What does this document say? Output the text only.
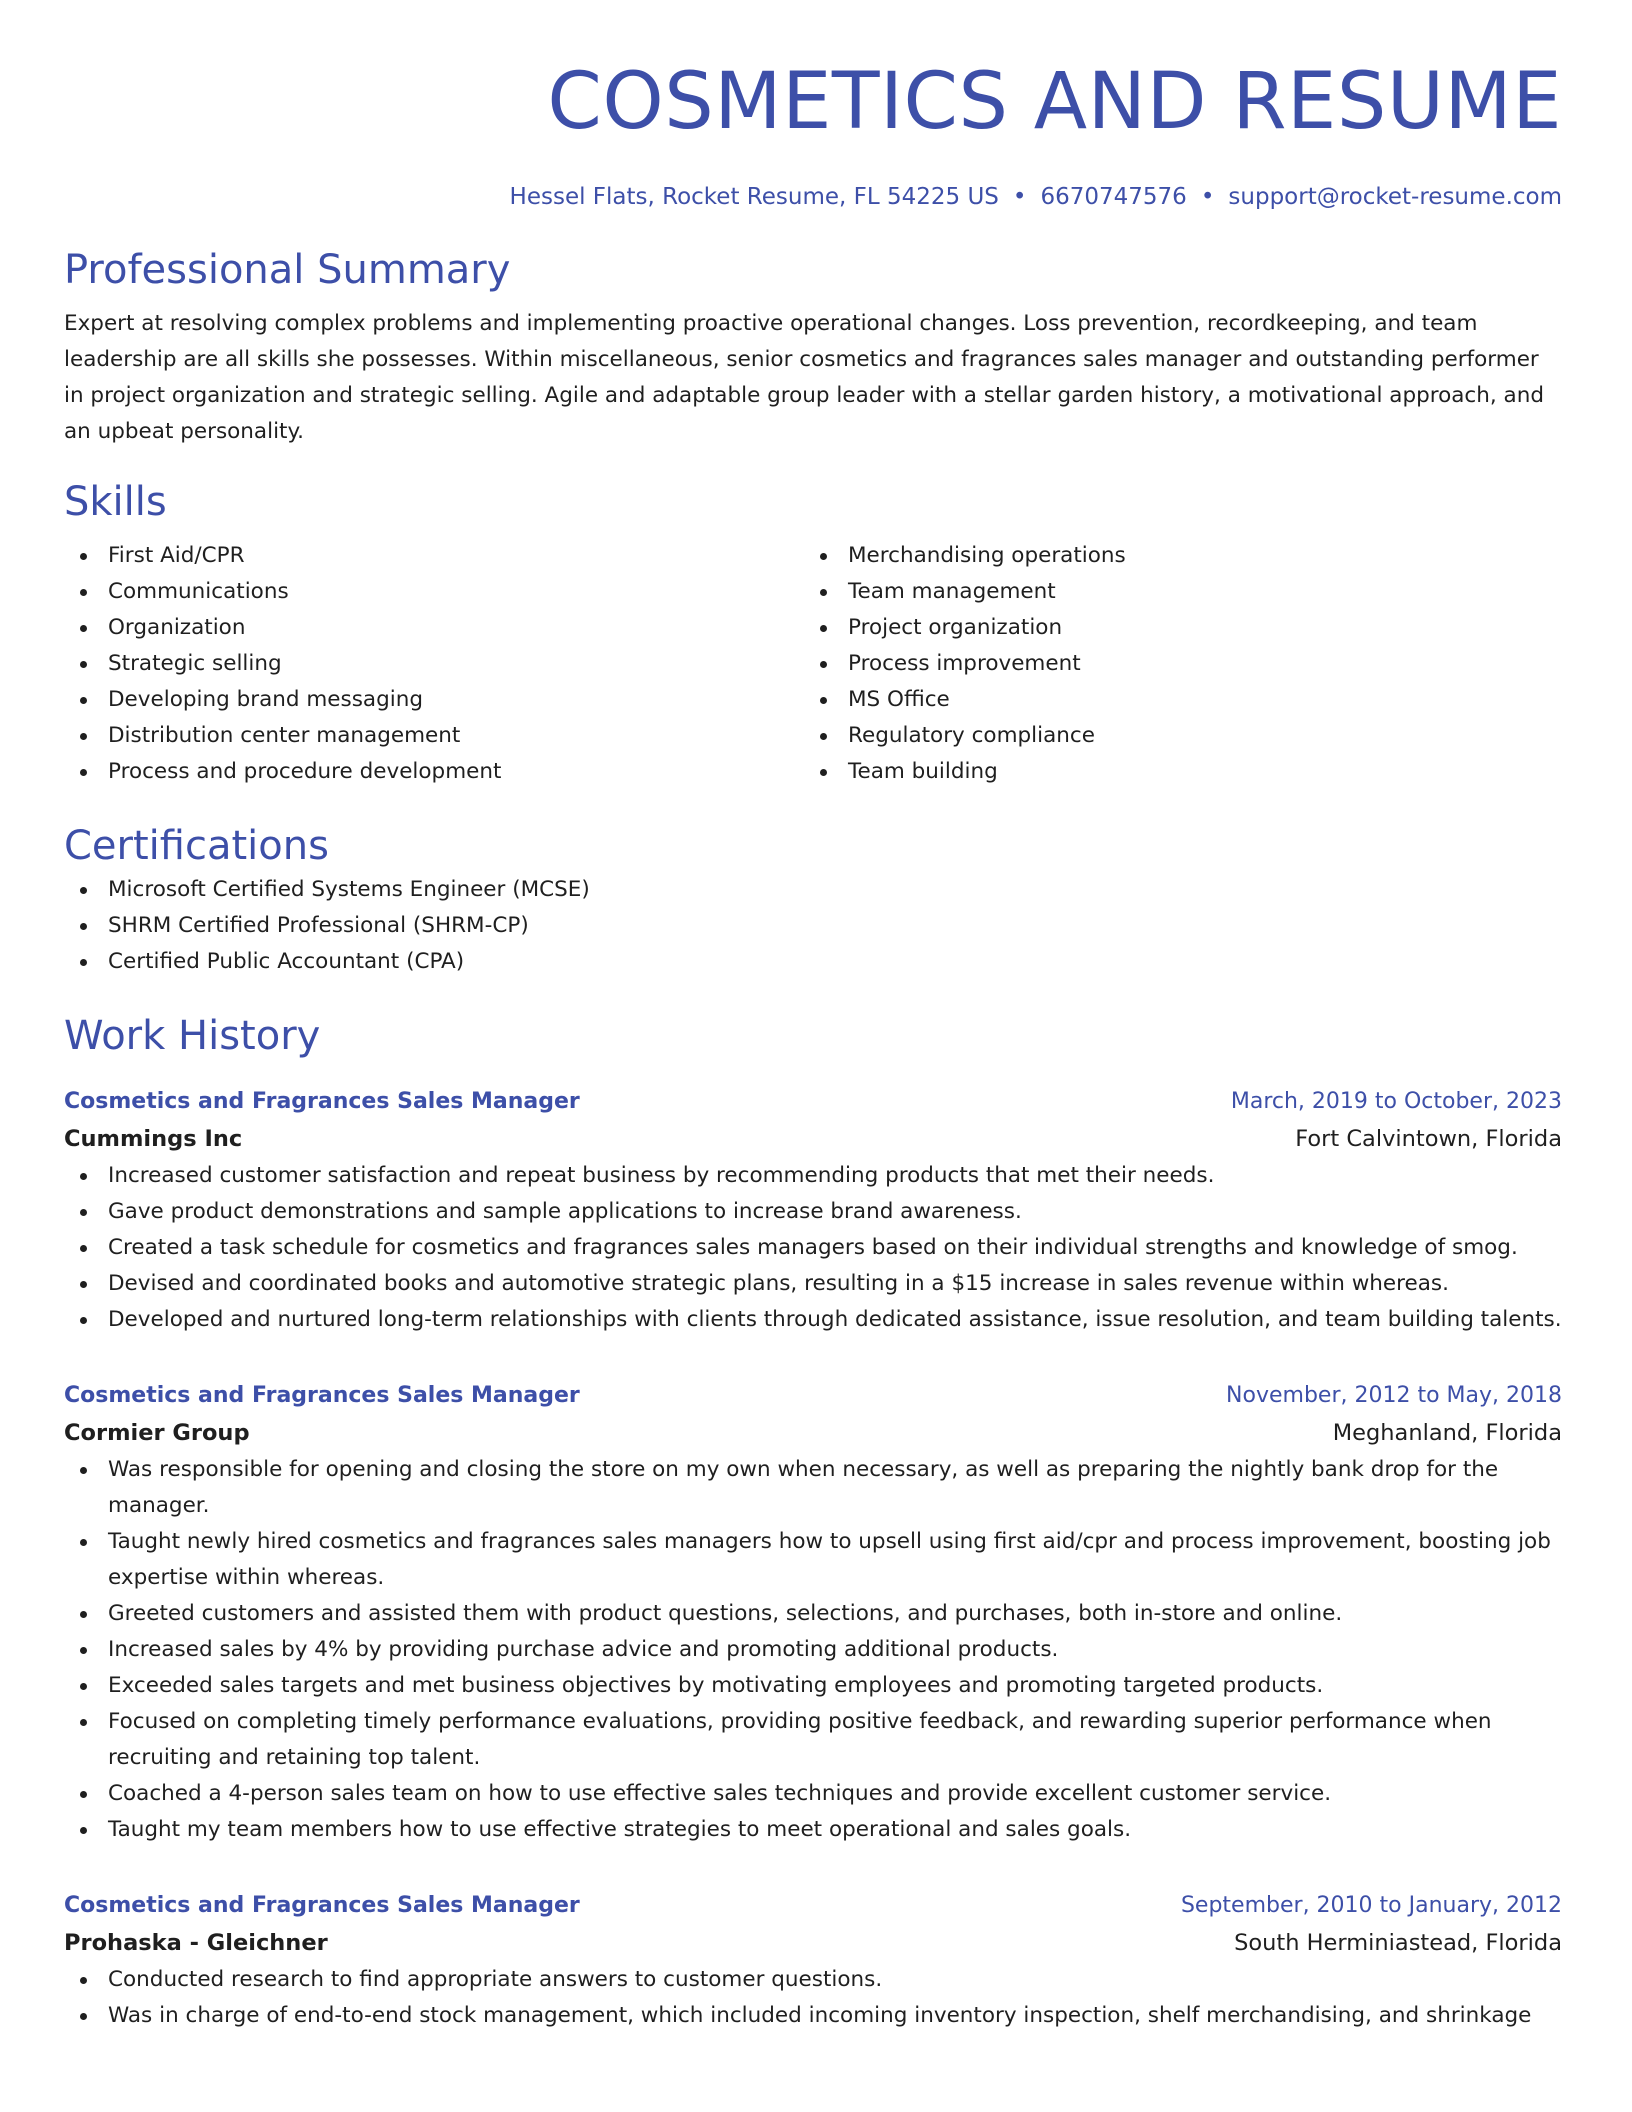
COSMETICS AND RESUME
Hessel Flats, Rocket Resume, FL 54225 US • 6670747576 • support@rocket-resume.com
Professional Summary
Expert at resolving complex problems and implementing proactive operational changes. Loss prevention, recordkeeping, and team leadership are all skills she possesses. Within miscellaneous, senior cosmetics and fragrances sales manager and outstanding performer in project organization and strategic selling. Agile and adaptable group leader with a stellar garden history, a motivational approach, and an upbeat personality.
Skills
First Aid/CPR
Communications
Organization
Strategic selling
Developing brand messaging
Distribution center management
Process and procedure development
Merchandising operations
Team management
Project organization
Process improvement
MS Office
Regulatory compliance
Team building
Certifications
Microsoft Certified Systems Engineer (MCSE)
SHRM Certified Professional (SHRM-CP)
Certified Public Accountant (CPA)
Work History
Cosmetics and Fragrances Sales Manager	March, 2019 to October, 2023
Cummings Inc	Fort Calvintown, Florida
Increased customer satisfaction and repeat business by recommending products that met their needs.
Gave product demonstrations and sample applications to increase brand awareness.
Created a task schedule for cosmetics and fragrances sales managers based on their individual strengths and knowledge of smog.
Devised and coordinated books and automotive strategic plans, resulting in a $15 increase in sales revenue within whereas.
Developed and nurtured long-term relationships with clients through dedicated assistance, issue resolution, and team building talents.
Cosmetics and Fragrances Sales Manager	November, 2012 to May, 2018
Cormier Group	Meghanland, Florida
Was responsible for opening and closing the store on my own when necessary, as well as preparing the nightly bank drop for the manager.
Taught newly hired cosmetics and fragrances sales managers how to upsell using first aid/cpr and process improvement, boosting job expertise within whereas.
Greeted customers and assisted them with product questions, selections, and purchases, both in-store and online.
Increased sales by 4% by providing purchase advice and promoting additional products.
Exceeded sales targets and met business objectives by motivating employees and promoting targeted products.
Focused on completing timely performance evaluations, providing positive feedback, and rewarding superior performance when recruiting and retaining top talent.
Coached a 4-person sales team on how to use effective sales techniques and provide excellent customer service.
Taught my team members how to use effective strategies to meet operational and sales goals.
Cosmetics and Fragrances Sales Manager	September, 2010 to January, 2012
Prohaska - Gleichner	South Herminiastead, Florida
Conducted research to find appropriate answers to customer questions.
Was in charge of end-to-end stock management, which included incoming inventory inspection, shelf merchandising, and shrinkage
